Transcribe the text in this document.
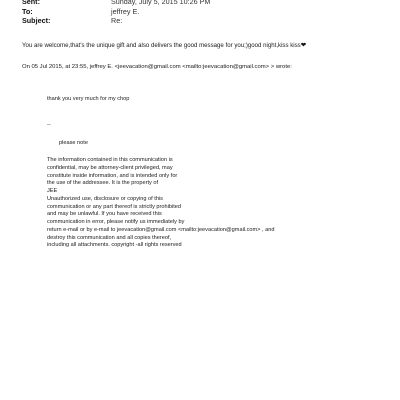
Sent:	Sunday, July 5, 2015 10:26 PM
To:	jeffrey E.
Subject:	Re:
You are welcome,that's the unique gift and also delivers the good message for you;)good night,kiss kiss❤
On 05 Jul 2015, at 23:55, jeffrey E. <jeevacation@gmail.com <mailto:jeevacation@gmail.com> > wrote:
thank you very much for my chop
--
please note
The information contained in this communication is
confidential, may be attorney-client privileged, may
constitute inside information, and is intended only for
the use of the addressee. It is the property of
JEE
Unauthorized use, disclosure or copying of this
communication or any part thereof is strictly prohibited
and may be unlawful. If you have received this
communication in error, please notify us immediately by
return e-mail or by e-mail to jeevacation@gmail.com <mailto:jeevacation@gmail.com> , and
destroy this communication and all copies thereof,
including all attachments. copyright -all rights reserved
